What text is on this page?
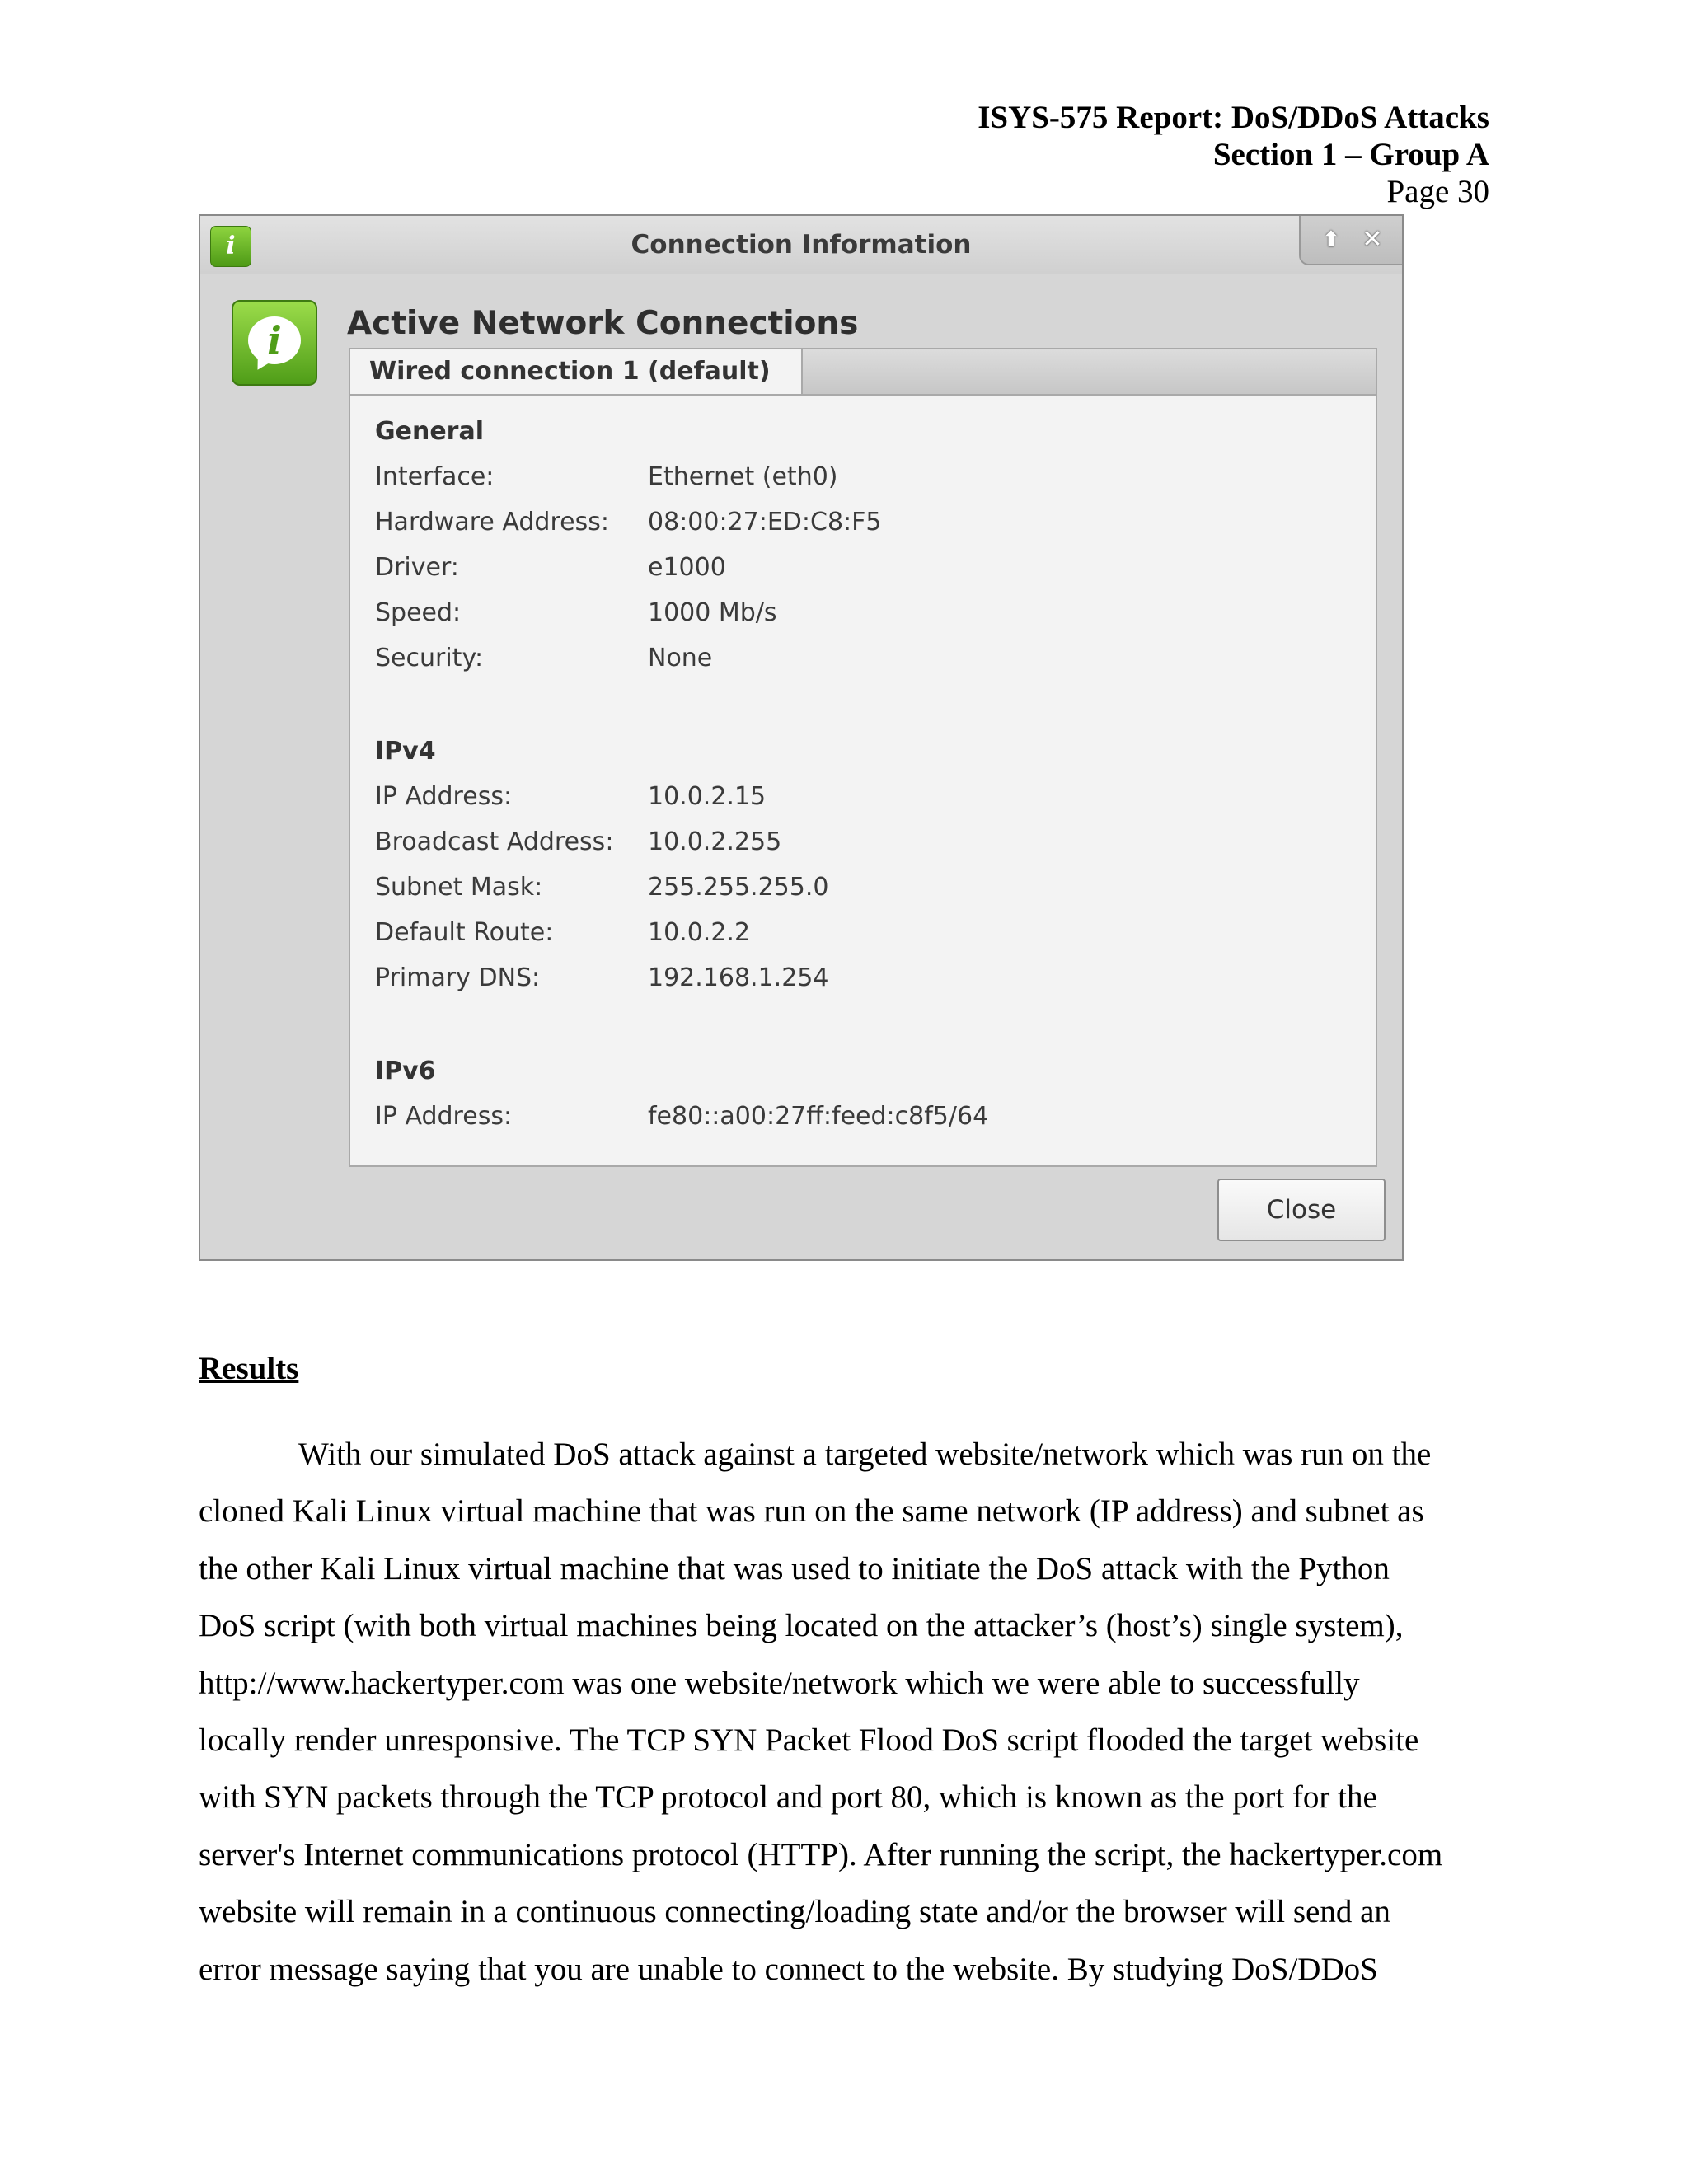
ISYS-575 Report: DoS/DDoS Attacks
Section 1 – Group A
Page 30
i	Connection Information	⬆ ✕
i	Active Network Connections
Wired connection 1 (default)
General
Interface:	Ethernet (eth0)
Hardware Address: 08:00:27:ED:C8:F5
Driver:	e1000
Speed:	1000 Mb/s
Security:	None
IPv4
IP Address:	10.0.2.15
Broadcast Address: 10.0.2.255
Subnet Mask:	255.255.255.0
Default Route:	10.0.2.2
Primary DNS:	192.168.1.254
IPv6
IP Address:	fe80::a00:27ff:feed:c8f5/64
Close
Results
With our simulated DoS attack against a targeted website/network which was run on the
cloned Kali Linux virtual machine that was run on the same network (IP address) and subnet as
the other Kali Linux virtual machine that was used to initiate the DoS attack with the Python
DoS script (with both virtual machines being located on the attacker’s (host’s) single system),
http://www.hackertyper.com was one website/network which we were able to successfully
locally render unresponsive. The TCP SYN Packet Flood DoS script flooded the target website
with SYN packets through the TCP protocol and port 80, which is known as the port for the
server's Internet communications protocol (HTTP). After running the script, the hackertyper.com
website will remain in a continuous connecting/loading state and/or the browser will send an
error message saying that you are unable to connect to the website. By studying DoS/DDoS
